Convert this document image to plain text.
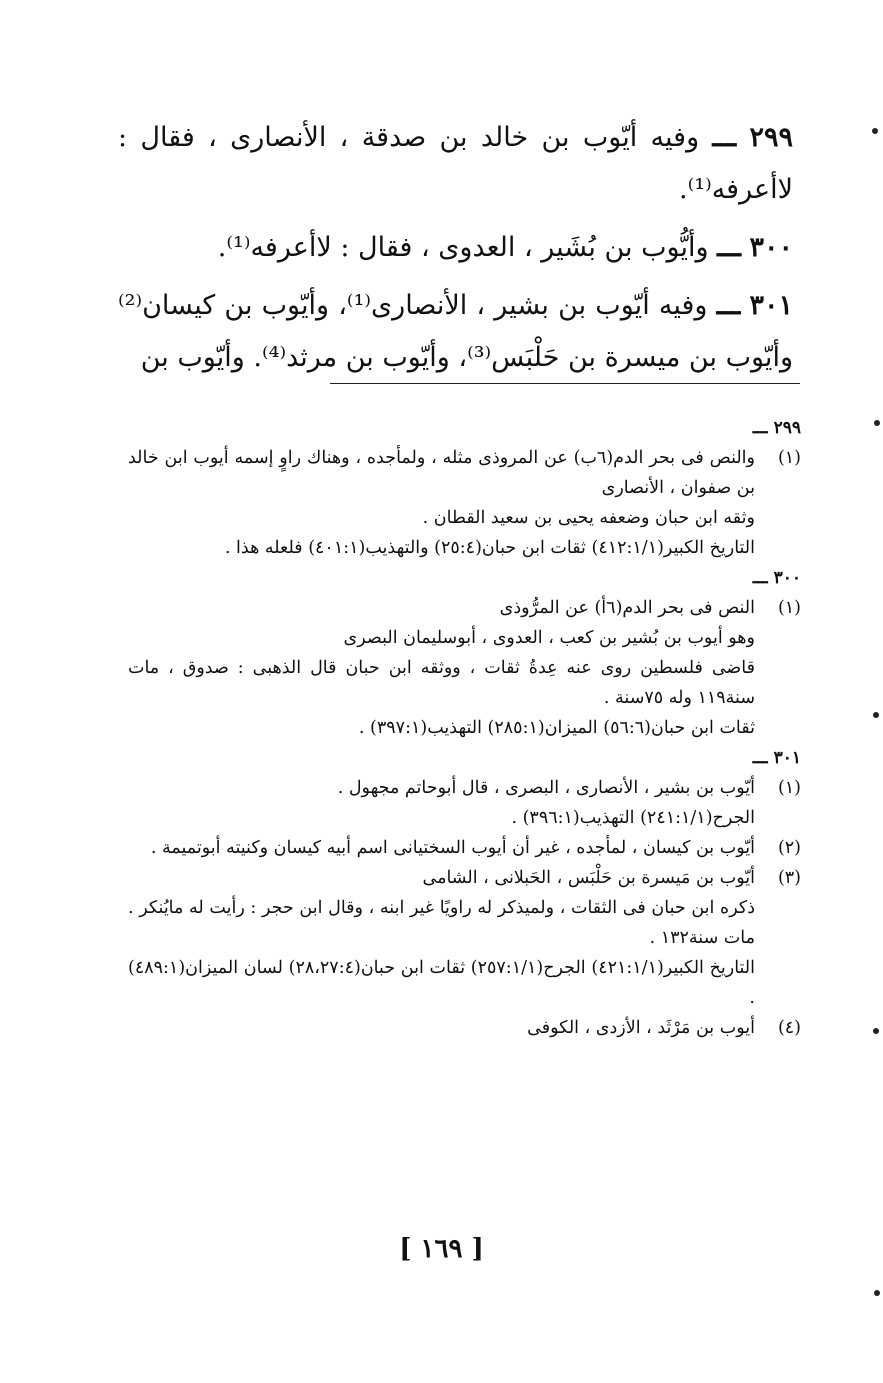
٢٩٩ ـــ وفيه أيّوب بن خالد بن صدقة ، الأنصارى ، فقال : لاأعرفه⁽¹⁾.

٣٠٠ ـــ وأيُّوب بن بُشَير ، العدوى ، فقال : لاأعرفه⁽¹⁾.

٣٠١ ـــ وفيه أيّوب بن بشير ، الأنصارى⁽¹⁾، وأيّوب بن كيسان⁽²⁾ وأيّوب بن ميسرة بن حَلْبَس⁽³⁾، وأيّوب بن مرثد⁽⁴⁾. وأيّوب بن

٢٩٩ ـــ

(١)
والنص فى بحر الدم(٦ب) عن المروذى مثله ، ولمأجده ، وهناك راوٍ إسمه أيوب ابن خالد بن صفوان ، الأنصارى
وثقه ابن حبان وضعفه يحيى بن سعيد القطان .
التاريخ الكبير(٤١٢:١/١) ثقات ابن حبان(٢٥:٤) والتهذيب(٤٠١:١) فلعله هذا .

٣٠٠ ـــ

(١)
النص فى بحر الدم(٦أ) عن المرُّوذى
وهو أيوب بن بُشير بن كعب ، العدوى ، أبوسليمان البصرى
قاضى فلسطين روى عنه عِدةُ ثقات ، ووثقه ابن حبان قال الذهبى : صدوق ، مات سنة١١٩ وله ٧٥سنة .
ثقات ابن حبان(٥٦:٦) الميزان(٢٨٥:١) التهذيب(٣٩٧:١) .

٣٠١ ـــ

(١)
أيّوب بن بشير ، الأنصارى ، البصرى ، قال أبوحاتم مجهول .
الجرح(٢٤١:١/١) التهذيب(٣٩٦:١) .
(٢)
أيّوب بن كيسان ، لمأجده ، غير أن أيوب السختيانى اسم أبيه كيسان وكنيته أبوتميمة .
(٣)
أيّوب بن مَيسرة بن حَلْبَس ، الحَبلانى ، الشامى
ذكره ابن حبان فى الثقات ، ولميذكر له راويًا غير ابنه ، وقال ابن حجر : رأيت له مايُنكر . مات سنة١٣٢ .
التاريخ الكبير(٤٢١:١/١) الجرح(٢٥٧:١/١) ثقات ابن حبان(٢٨،٢٧:٤) لسان الميزان(٤٨٩:١) .
(٤)
أيوب بن مَرْثَد ، الأزدى ، الكوفى
[ ١٦٩ ]
